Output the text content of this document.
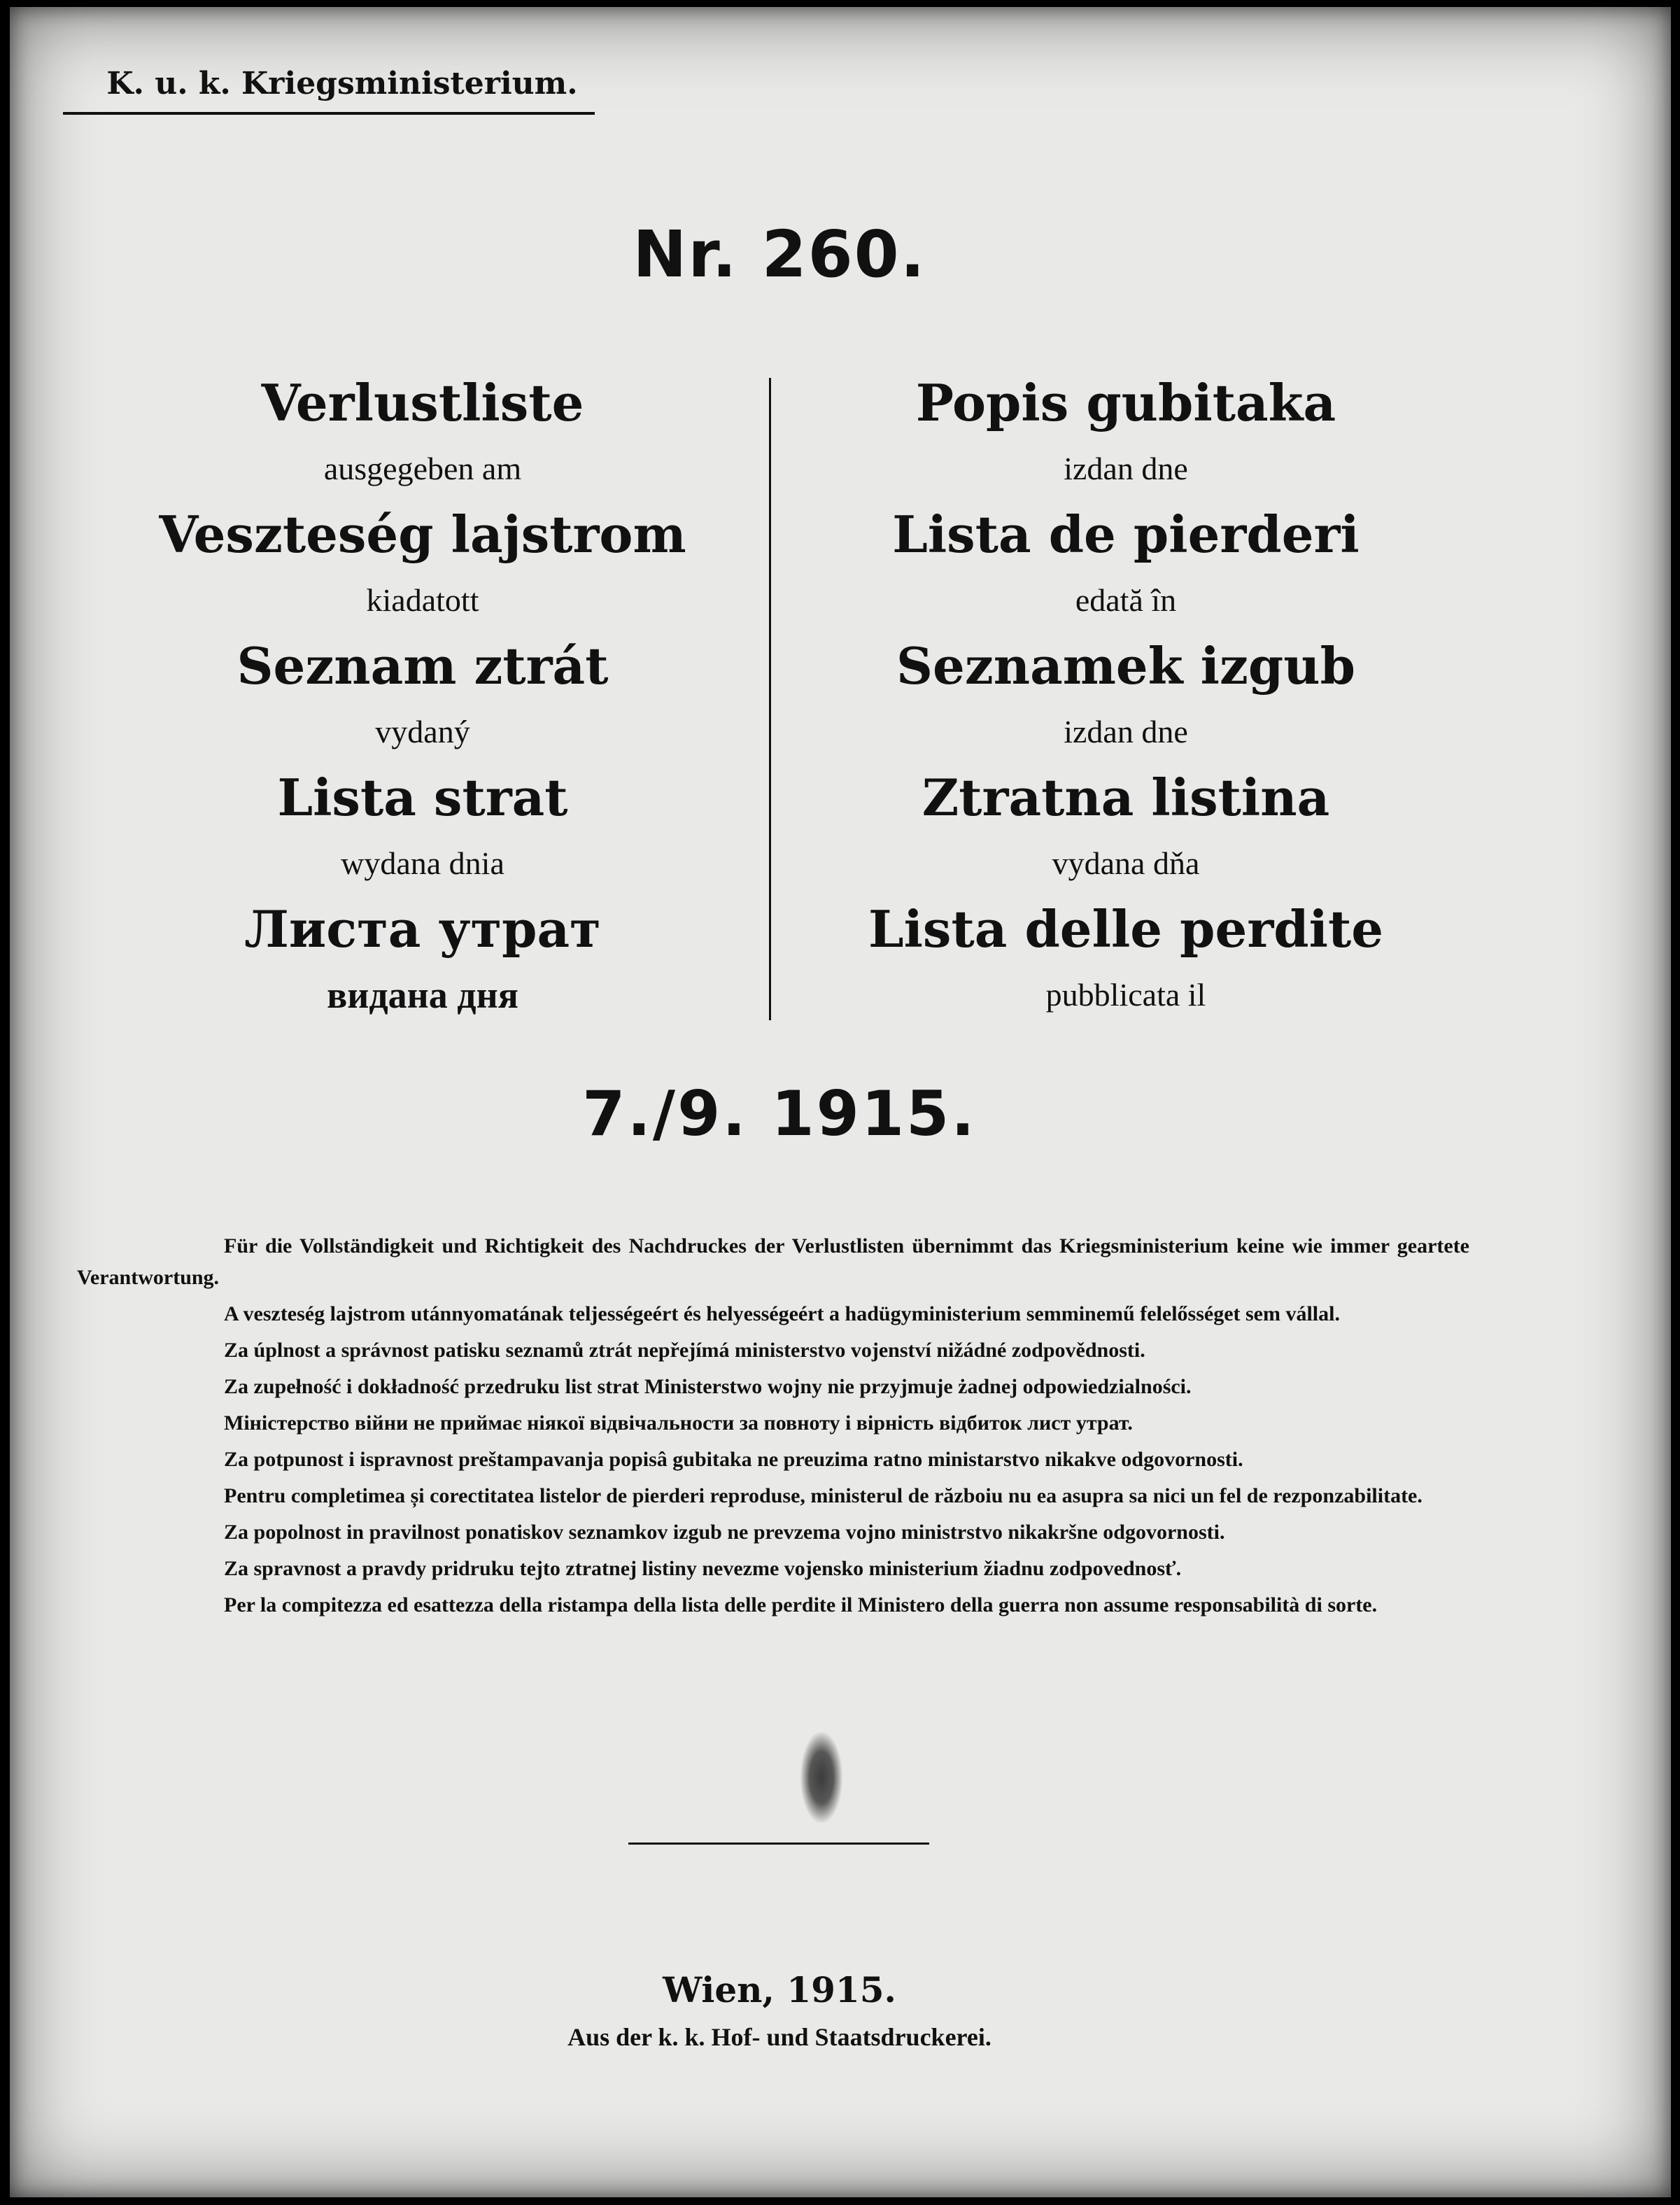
K. u. k. Kriegsministerium.
Nr. 260.
Verlustliste
ausgegeben am
Veszteség lajstrom
kiadatott
Seznam ztrát
vydaný
Lista strat
wydana dnia
Листа утрат
видана дня
Popis gubitaka
izdan dne
Lista de pierderi
edată în
Seznamek izgub
izdan dne
Ztratna listina
vydana dňa
Lista delle perdite
pubblicata il
7./9. 1915.

Für die Vollständigkeit und Richtigkeit des Nachdruckes der Verlustlisten übernimmt das Kriegsministerium keine wie immer geartete Verantwortung.

A veszteség lajstrom utánnyomatának teljességeért és helyességeért a hadügyministerium semminemű felelősséget sem vállal.

Za úplnost a správnost patisku seznamů ztrát nepřejímá ministerstvo vojenství nižádné zodpovědnosti.

Za zupełność i dokładność przedruku list strat Ministerstwo wojny nie przyjmuje żadnej odpowiedzialności.

Міністерство війни не приймає ніякої відвічальности за повноту і вірність відбиток лист утрат.

Za potpunost i ispravnost preštampavanja popisâ gubitaka ne preuzima ratno ministarstvo nikakve odgovornosti.

Pentru completimea și corectitatea listelor de pierderi reproduse, ministerul de războiu nu ea asupra sa nici un fel de rezponzabilitate.

Za popolnost in pravilnost ponatiskov seznamkov izgub ne prevzema vojno ministrstvo nikakršne odgovornosti.

Za spravnost a pravdy pridruku tejto ztratnej listiny nevezme vojensko ministerium žiadnu zodpovednosť.

Per la compitezza ed esattezza della ristampa della lista delle perdite il Ministero della guerra non assume responsabilità di sorte.

Wien, 1915.
Aus der k. k. Hof- und Staatsdruckerei.
